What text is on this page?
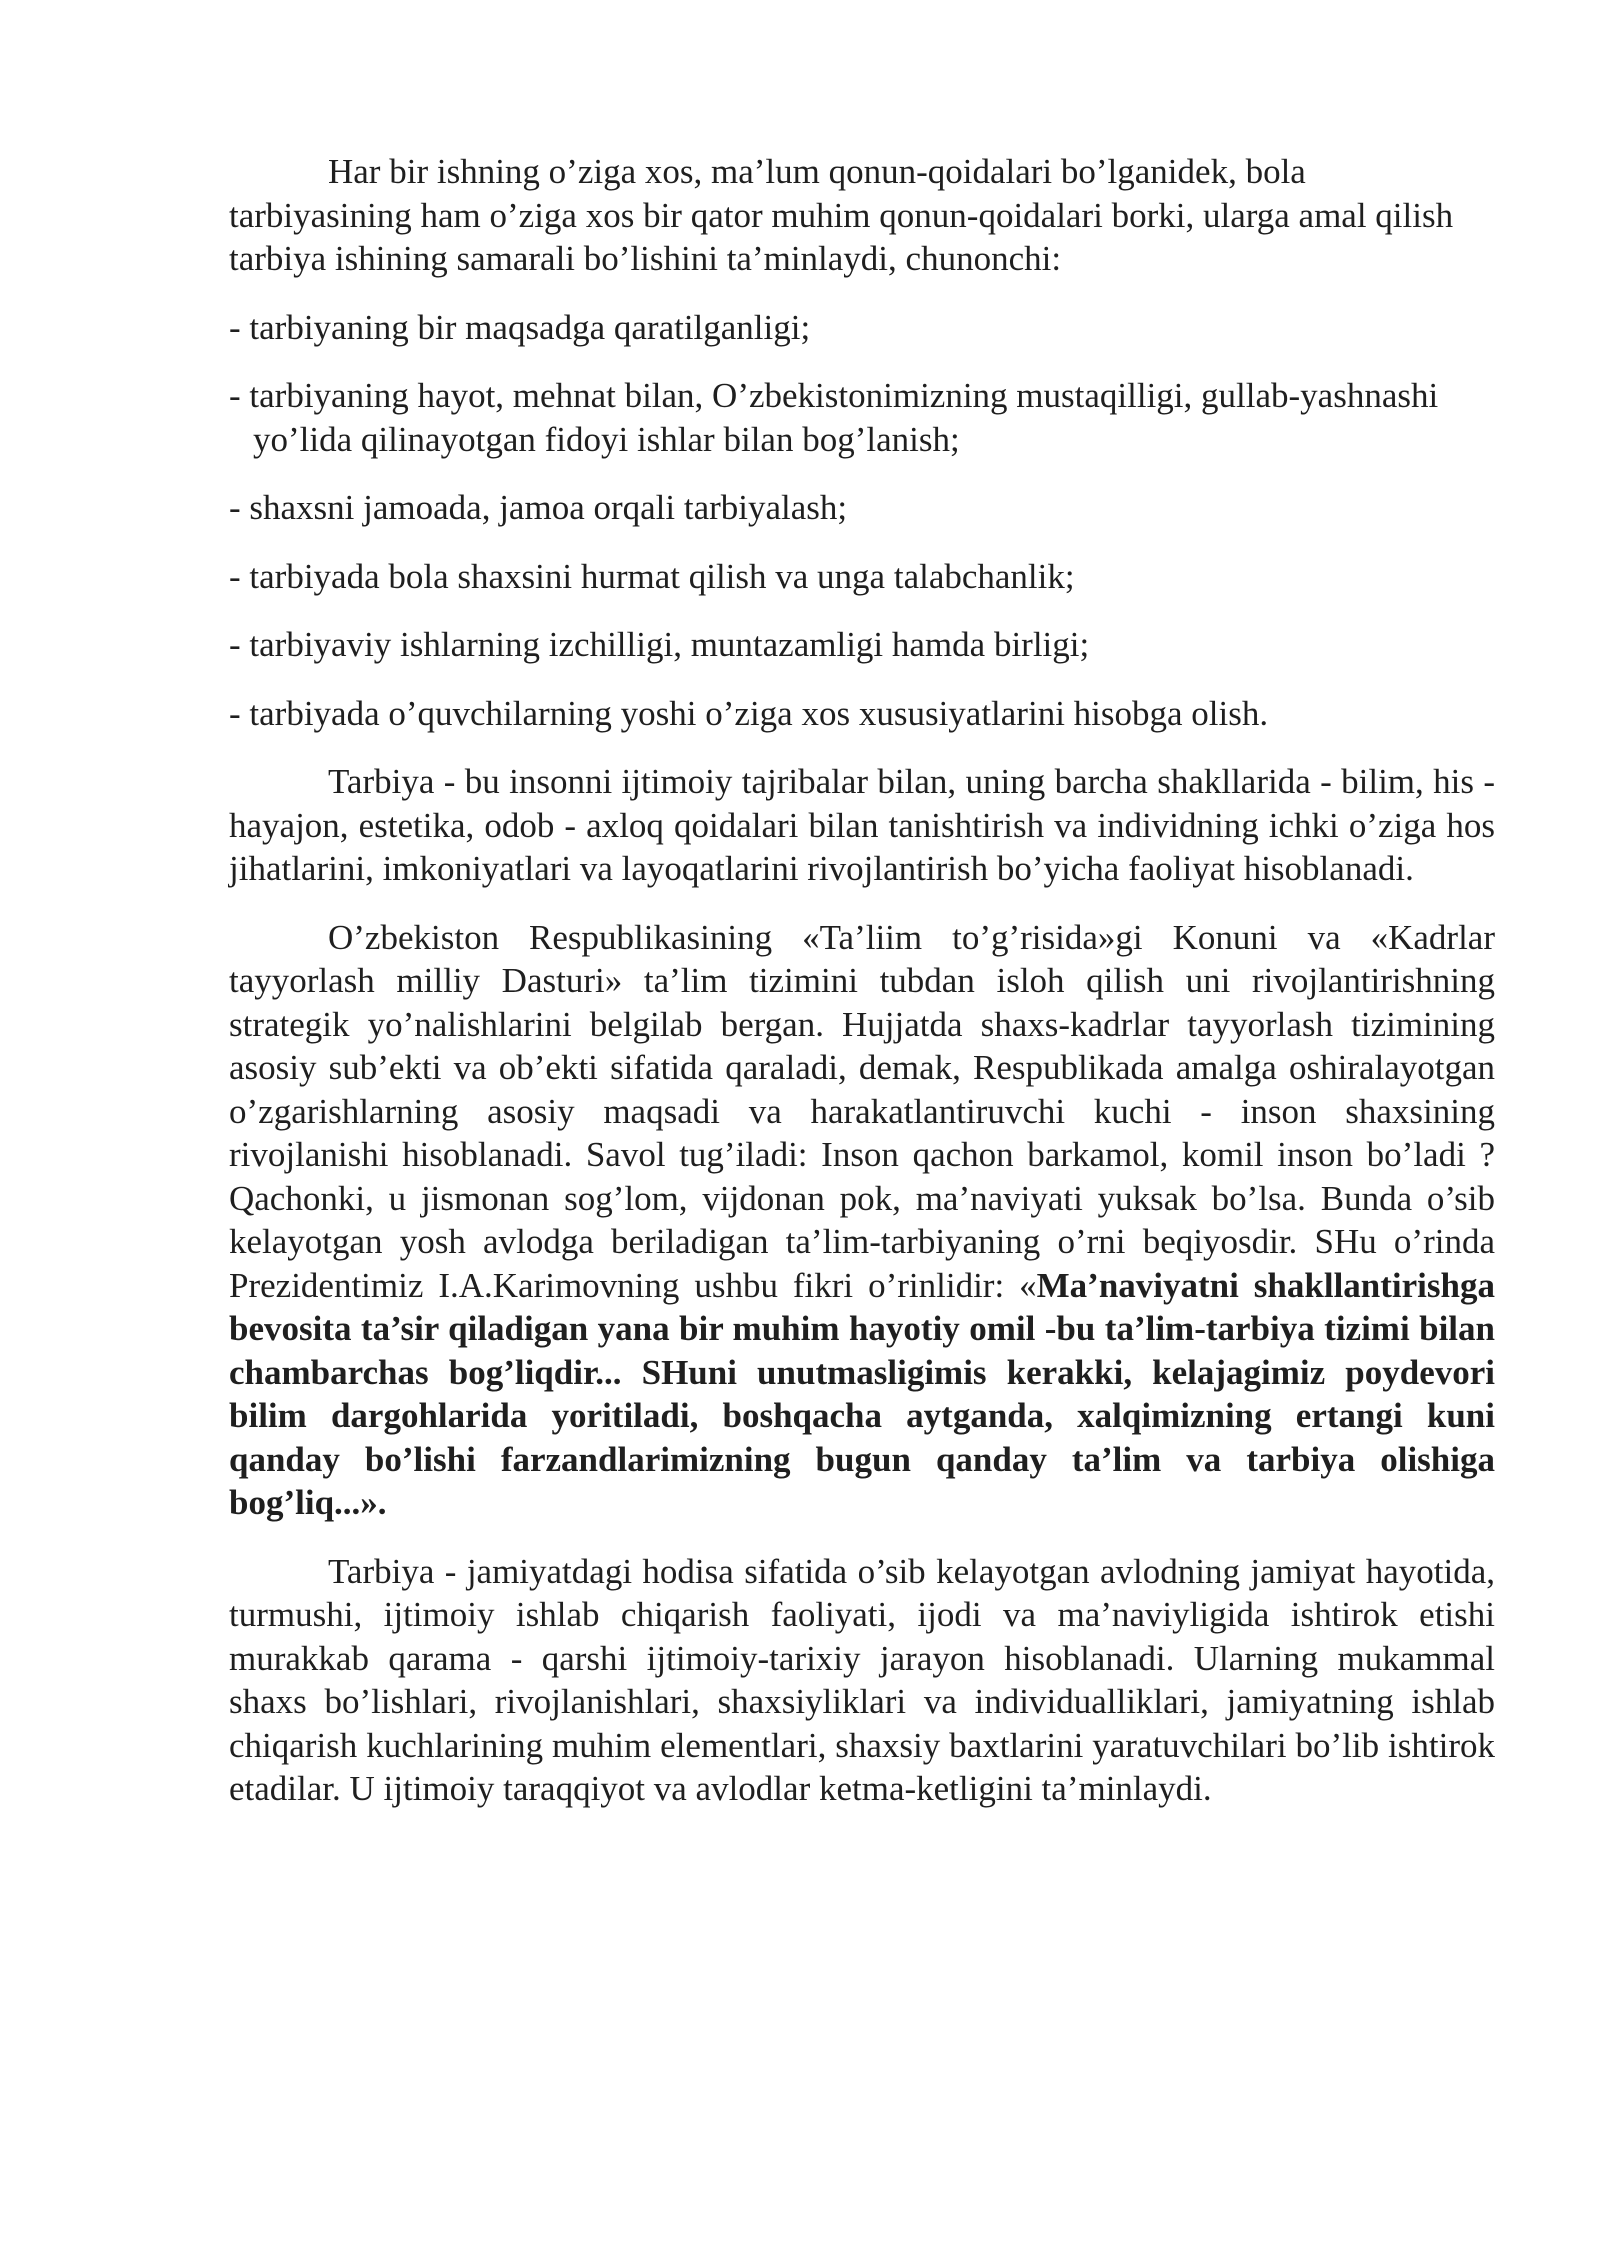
Har bir ishning o’ziga xos, ma’lum qonun-qoidalari bo’lganidek, bola tarbiyasining ham o’ziga xos bir qator muhim qonun-qoidalari borki, ularga amal qilish tarbiya ishining samarali bo’lishini ta’minlaydi, chunonchi:

- tarbiyaning bir maqsadga qaratilganligi;

- tarbiyaning hayot, mehnat bilan, O’zbekistonimizning mustaqilligi, gullab-yashnashi yo’lida qilinayotgan fidoyi ishlar bilan bog’lanish;

- shaxsni jamoada, jamoa orqali tarbiyalash;

- tarbiyada bola shaxsini hurmat qilish va unga talabchanlik;

- tarbiyaviy ishlarning izchilligi, muntazamligi hamda birligi;

- tarbiyada o’quvchilarning yoshi o’ziga xos xususiyatlarini hisobga olish.

Tarbiya - bu insonni ijtimoiy tajribalar bilan, uning barcha shakllarida - bilim, his - hayajon, estetika, odob - axloq qoidalari bilan tanishtirish va individning ichki o’ziga hos jihatlarini, imkoniyatlari va layoqatlarini rivojlantirish bo’yicha faoliyat hisoblanadi.

O’zbekiston Respublikasining «Ta’liim to’g’risida»gi Konuni va «Kadrlar tayyorlash milliy Dasturi» ta’lim tizimini tubdan isloh qilish uni rivojlantirishning strategik yo’nalishlarini belgilab bergan. Hujjatda shaxs-kadrlar tayyorlash tizimining asosiy sub’ekti va ob’ekti sifatida qaraladi, demak, Respublikada amalga oshiralayotgan o’zgarishlarning asosiy maqsadi va harakatlantiruvchi kuchi - inson shaxsining rivojlanishi hisoblanadi. Savol tug’iladi: Inson qachon barkamol, komil inson bo’ladi ? Qachonki, u jismonan sog’lom, vijdonan pok, ma’naviyati yuksak bo’lsa. Bunda o’sib kelayotgan yosh avlodga beriladigan ta’lim-tarbiyaning o’rni beqiyosdir. SHu o’rinda Prezidentimiz I.A.Karimovning ushbu fikri o’rinlidir: «Ma’naviyatni shakllantirishga bevosita ta’sir qiladigan yana bir muhim hayotiy omil -bu ta’lim-tarbiya tizimi bilan chambarchas bog’liqdir... SHuni unutmasligimis kerakki, kelajagimiz poydevori bilim dargohlarida yoritiladi, boshqacha aytganda, xalqimizning ertangi kuni qanday bo’lishi farzandlarimizning bugun qanday ta’lim va tarbiya olishiga bog’liq...».

Tarbiya - jamiyatdagi hodisa sifatida o’sib kelayotgan avlodning jamiyat hayotida, turmushi, ijtimoiy ishlab chiqarish faoliyati, ijodi va ma’naviyligida ishtirok etishi murakkab qarama - qarshi ijtimoiy-tarixiy jarayon hisoblanadi. Ularning mukammal shaxs bo’lishlari, rivojlanishlari, shaxsiyliklari va individualliklari, jamiyatning ishlab chiqarish kuchlarining muhim elementlari, shaxsiy baxtlarini yaratuvchilari bo’lib ishtirok etadilar. U ijtimoiy taraqqiyot va avlodlar ketma-ketligini ta’minlaydi.
